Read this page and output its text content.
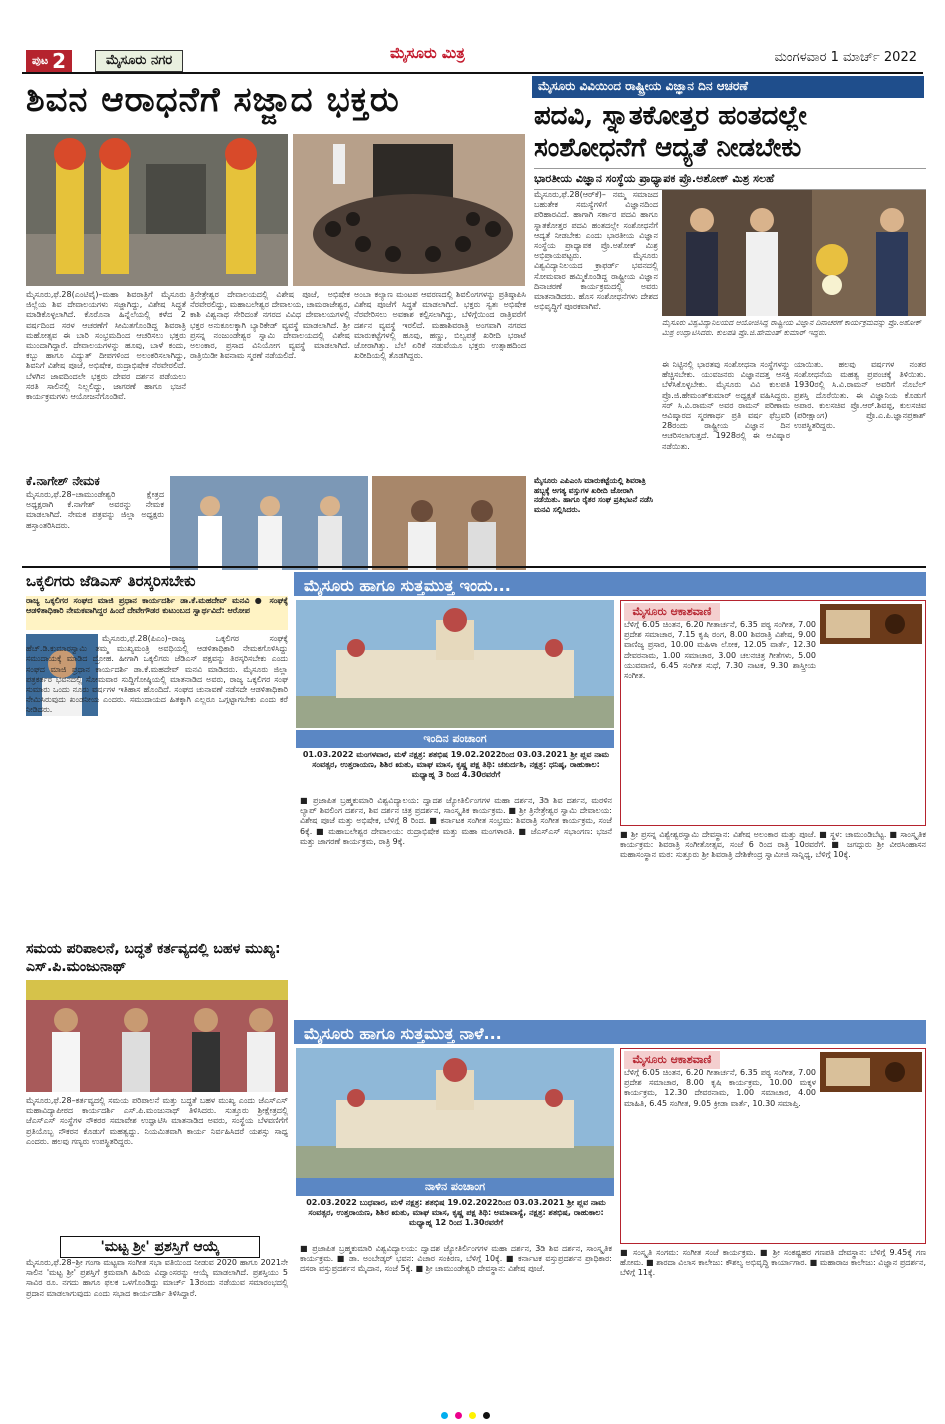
ಪುಟ 2	ಮೈಸೂರು ನಗರ	ಮೈಸೂರು ಮಿತ್ರ	ಮಂಗಳವಾರ 1 ಮಾರ್ಚ್ 2022
ಶಿವನ ಆರಾಧನೆಗೆ ಸಜ್ಜಾದ ಭಕ್ತರು
ಮೈಸೂರು,ಫೆ.28(ಎಂಟಿವೈ)–ಮಹಾ ಶಿವರಾತ್ರಿಗೆ ಮೈಸೂರು ಜಿಲ್ಲೆಯ ಶಿವ ದೇವಾಲಯಗಳು ಸಜ್ಜಾಗಿದ್ದು, ವಿಶೇಷ ಸಿದ್ಧತೆ ಮಾಡಿಕೊಳ್ಳಲಾಗಿದೆ. ಕೊರೊನಾ ಹಿನ್ನೆಲೆಯಲ್ಲಿ ಕಳೆದ 2 ವರ್ಷದಿಂದ ಸರಳ ಆಚರಣೆಗೆ ಸೀಮಿತಗೊಂಡಿದ್ದ ಶಿವರಾತ್ರಿ ಮಹೋತ್ಸವ ಈ ಬಾರಿ ಸಂಭ್ರಮದಿಂದ ಆಚರಿಸಲು ಭಕ್ತರು ಮುಂದಾಗಿದ್ದಾರೆ. ದೇವಾಲಯಗಳನ್ನು ಹೂವು, ಬಾಳೆ ಕಂದು, ಕಬ್ಬು ಹಾಗೂ ವಿದ್ಯುತ್ ದೀಪಗಳಿಂದ ಅಲಂಕರಿಸಲಾಗಿದ್ದು, ಶಿವನಿಗೆ ವಿಶೇಷ ಪೂಜೆ, ಅಭಿಷೇಕ, ರುದ್ರಾಭಿಷೇಕ ನೆರವೇರಲಿದೆ. ಬೆಳಗಿನ ಜಾವದಿಂದಲೇ ಭಕ್ತರು ದೇವರ ದರ್ಶನ ಪಡೆಯಲು ಸರತಿ ಸಾಲಿನಲ್ಲಿ ನಿಲ್ಲಲಿದ್ದು, ಜಾಗರಣೆ ಹಾಗೂ ಭಜನೆ ಕಾರ್ಯಕ್ರಮಗಳು ಆಯೋಜನೆಗೊಂಡಿವೆ.
ತ್ರಿನೇತ್ರೇಶ್ವರ ದೇವಾಲಯದಲ್ಲಿ ವಿಶೇಷ ಪೂಜೆ, ಅಭಿಷೇಕ ನೆರವೇರಲಿದ್ದು, ಮಹಾಬಲೇಶ್ವರ ದೇವಾಲಯ, ಚಾಮರಾಜೇಶ್ವರ, ಕಾಶಿ ವಿಶ್ವನಾಥ ಸೇರಿದಂತೆ ನಗರದ ವಿವಿಧ ದೇವಾಲಯಗಳಲ್ಲಿ ಭಕ್ತರ ಅನುಕೂಲಕ್ಕಾಗಿ ಬ್ಯಾರಿಕೇಡ್ ವ್ಯವಸ್ಥೆ ಮಾಡಲಾಗಿದೆ. ಶ್ರೀ ಪ್ರಸನ್ನ ನಂಜುಂಡೇಶ್ವರ ಸ್ವಾಮಿ ದೇವಾಲಯದಲ್ಲಿ ವಿಶೇಷ ಅಲಂಕಾರ, ಪ್ರಸಾದ ವಿನಿಯೋಗ ವ್ಯವಸ್ಥೆ ಮಾಡಲಾಗಿದೆ. ರಾತ್ರಿಯಿಡೀ ಶಿವನಾಮ ಸ್ಮರಣೆ ನಡೆಯಲಿದೆ.
ಅಂಬಾ ಕಲ್ಯಾಣ ಮಂಟಪ ಆವರಣದಲ್ಲಿ ಶಿವಲಿಂಗಗಳನ್ನು ಪ್ರತಿಷ್ಠಾಪಿಸಿ ವಿಶೇಷ ಪೂಜೆಗೆ ಸಿದ್ಧತೆ ಮಾಡಲಾಗಿದೆ. ಭಕ್ತರು ಸ್ವತಃ ಅಭಿಷೇಕ ನೆರವೇರಿಸಲು ಅವಕಾಶ ಕಲ್ಪಿಸಲಾಗಿದ್ದು, ಬೆಳಿಗ್ಗೆಯಿಂದ ರಾತ್ರಿವರೆಗೆ ದರ್ಶನ ವ್ಯವಸ್ಥೆ ಇರಲಿದೆ. ಮಹಾಶಿವರಾತ್ರಿ ಅಂಗವಾಗಿ ನಗರದ ಮಾರುಕಟ್ಟೆಗಳಲ್ಲಿ ಹೂವು, ಹಣ್ಣು, ಬಿಲ್ವಪತ್ರೆ ಖರೀದಿ ಭರಾಟೆ ಜೋರಾಗಿತ್ತು. ಬೆಲೆ ಏರಿಕೆ ನಡುವೆಯೂ ಭಕ್ತರು ಉತ್ಸಾಹದಿಂದ ಖರೀದಿಯಲ್ಲಿ ತೊಡಗಿದ್ದರು.
ಕೆ.ನಾಗೇಶ್ ನೇಮಕ
ಮೈಸೂರು,ಫೆ.28–ಚಾಮುಂಡೇಶ್ವರಿ ಕ್ಷೇತ್ರದ ಅಧ್ಯಕ್ಷರಾಗಿ ಕೆ.ನಾಗೇಶ್ ಅವರನ್ನು ನೇಮಕ ಮಾಡಲಾಗಿದೆ. ನೇಮಕ ಪತ್ರವನ್ನು ಜಿಲ್ಲಾ ಅಧ್ಯಕ್ಷರು ಹಸ್ತಾಂತರಿಸಿದರು.
ಮೈಸೂರು ವಿವಿಯಿಂದ ರಾಷ್ಟ್ರೀಯ ವಿಜ್ಞಾನ ದಿನ ಆಚರಣೆ
ಪದವಿ, ಸ್ನಾತಕೋತ್ತರ ಹಂತದಲ್ಲೇ ಸಂಶೋಧನೆಗೆ ಆದ್ಯತೆ ನೀಡಬೇಕು
ಭಾರತೀಯ ವಿಜ್ಞಾನ ಸಂಸ್ಥೆಯ ಪ್ರಾಧ್ಯಾಪಕ ಪ್ರೊ.ಅಶೋಕ್ ಮಿಶ್ರ ಸಲಹೆ
ಮೈಸೂರು,ಫೆ.28(ಆರ್‌ಕೆ)– ನಮ್ಮ ಸಮಾಜದ ಬಹುತೇಕ ಸಮಸ್ಯೆಗಳಿಗೆ ವಿಜ್ಞಾನದಿಂದ ಪರಿಹಾರವಿದೆ. ಹಾಗಾಗಿ ಸರ್ಕಾರ ಪದವಿ ಹಾಗೂ ಸ್ನಾತಕೋತ್ತರ ಪದವಿ ಹಂತದಲ್ಲೇ ಸಂಶೋಧನೆಗೆ ಆದ್ಯತೆ ನೀಡಬೇಕು ಎಂದು ಭಾರತೀಯ ವಿಜ್ಞಾನ ಸಂಸ್ಥೆಯ ಪ್ರಾಧ್ಯಾಪಕ ಪ್ರೊ.ಅಶೋಕ್ ಮಿಶ್ರ ಅಭಿಪ್ರಾಯಪಟ್ಟರು. ಮೈಸೂರು ವಿಶ್ವವಿದ್ಯಾನಿಲಯದ ಕ್ರಾಫರ್ಡ್ ಭವನದಲ್ಲಿ ಸೋಮವಾರ ಹಮ್ಮಿಕೊಂಡಿದ್ದ ರಾಷ್ಟ್ರೀಯ ವಿಜ್ಞಾನ ದಿನಾಚರಣೆ ಕಾರ್ಯಕ್ರಮದಲ್ಲಿ ಅವರು ಮಾತನಾಡಿದರು. ಹೊಸ ಸಂಶೋಧನೆಗಳು ದೇಶದ ಅಭಿವೃದ್ಧಿಗೆ ಪೂರಕವಾಗಿವೆ.
ಮೈಸೂರು ವಿಶ್ವವಿದ್ಯಾನಿಲಯದ ಆಯೋಜಿಸಿದ್ದ ರಾಷ್ಟ್ರೀಯ ವಿಜ್ಞಾನ ದಿನಾಚರಣೆ ಕಾರ್ಯಕ್ರಮವನ್ನು ಪ್ರೊ.ಅಶೋಕ್ ಮಿಶ್ರ ಉದ್ಘಾಟಿಸಿದರು. ಕುಲಪತಿ ಪ್ರೊ.ಜಿ.ಹೇಮಂತ್ ಕುಮಾರ್ ಇದ್ದರು.
ಈ ನಿಟ್ಟಿನಲ್ಲಿ ಭಾರತವು ಸಂಶೋಧನಾ ಸಂಸ್ಥೆಗಳನ್ನು ಹೆಚ್ಚಿಸಬೇಕು. ಯುವಜನರು ವಿಜ್ಞಾನದತ್ತ ಆಸಕ್ತಿ ಬೆಳೆಸಿಕೊಳ್ಳಬೇಕು. ಮೈಸೂರು ವಿವಿ ಕುಲಪತಿ ಪ್ರೊ.ಜಿ.ಹೇಮಂತ್‌ಕುಮಾರ್ ಅಧ್ಯಕ್ಷತೆ ವಹಿಸಿದ್ದರು. ಸರ್ ಸಿ.ವಿ.ರಾಮನ್ ಅವರ ರಾಮನ್ ಪರಿಣಾಮ ಆವಿಷ್ಕಾರದ ಸ್ಮರಣಾರ್ಥ ಪ್ರತಿ ವರ್ಷ ಫೆಬ್ರವರಿ 28ರಂದು ರಾಷ್ಟ್ರೀಯ ವಿಜ್ಞಾನ ದಿನ ಆಚರಿಸಲಾಗುತ್ತದೆ. 1928ರಲ್ಲಿ ಈ ಆವಿಷ್ಕಾರ ನಡೆಯಿತು.
ಯಾಯಿತು. ಹಲವು ವರ್ಷಗಳ ನಂತರ ಸಂಶೋಧನೆಯ ಮಹತ್ವ ಪ್ರಪಂಚಕ್ಕೆ ತಿಳಿಯಿತು. 1930ರಲ್ಲಿ ಸಿ.ವಿ.ರಾಮನ್ ಅವರಿಗೆ ನೊಬೆಲ್ ಪ್ರಶಸ್ತಿ ದೊರೆಯಿತು. ಈ ವಿಜ್ಞಾನಿಯ ಕೊಡುಗೆ ಅಪಾರ. ಕುಲಸಚಿವ ಪ್ರೊ.ಆರ್.ಶಿವಪ್ಪ, ಕುಲಸಚಿವ (ಪರೀಕ್ಷಾಂಗ) ಪ್ರೊ.ಎ.ಪಿ.ಜ್ಞಾನಪ್ರಕಾಶ್ ಉಪಸ್ಥಿತರಿದ್ದರು.
ಮೈಸೂರು ಎಪಿಎಂಸಿ ಮಾರುಕಟ್ಟೆಯಲ್ಲಿ ಶಿವರಾತ್ರಿ ಹಬ್ಬಕ್ಕೆ ಅಗತ್ಯ ವಸ್ತುಗಳ ಖರೀದಿ ಜೋರಾಗಿ ನಡೆಯಿತು. ಹಾಗೂ ರೈತರ ಸಂಘ ಪ್ರತಿಭಟನೆ ನಡೆಸಿ ಮನವಿ ಸಲ್ಲಿಸಿದರು.
ಒಕ್ಕಲಿಗರು ಜೆಡಿಎಸ್ ತಿರಸ್ಕರಿಸಬೇಕು
ರಾಜ್ಯ ಒಕ್ಕಲಿಗರ ಸಂಘದ ಮಾಜಿ ಪ್ರಧಾನ ಕಾರ್ಯದರ್ಶಿ ಡಾ.ಕೆ.ಮಹದೇವ್ ಮನವಿ ● ಸಂಘಕ್ಕೆ ಆಡಳಿತಾಧಿಕಾರಿ ನೇಮಕವಾಗಿದ್ದರ ಹಿಂದೆ ದೇವೇಗೌಡರ ಕುಟುಂಬದ ಸ್ವಾರ್ಥವಿದೆ: ಆರೋಪ
ಮೈಸೂರು,ಫೆ.28(ಪಿಎಂ)–ರಾಜ್ಯ ಒಕ್ಕಲಿಗರ ಸಂಘಕ್ಕೆ ಹೆಚ್.ಡಿ.ಕುಮಾರಸ್ವಾಮಿ ತಮ್ಮ ಮುಖ್ಯಮಂತ್ರಿ ಅವಧಿಯಲ್ಲಿ ಆಡಳಿತಾಧಿಕಾರಿ ನೇಮಕಗೊಳಿಸಿದ್ದು ಸಮುದಾಯಕ್ಕೆ ಮಾಡಿದ ದ್ರೋಹ. ಹೀಗಾಗಿ ಒಕ್ಕಲಿಗರು ಜೆಡಿಎಸ್ ಪಕ್ಷವನ್ನು ತಿರಸ್ಕರಿಸಬೇಕು ಎಂದು ಸಂಘದ ಮಾಜಿ ಪ್ರಧಾನ ಕಾರ್ಯದರ್ಶಿ ಡಾ.ಕೆ.ಮಹದೇವ್ ಮನವಿ ಮಾಡಿದರು. ಮೈಸೂರು ಜಿಲ್ಲಾ ಪತ್ರಕರ್ತರ ಭವನದಲ್ಲಿ ಸೋಮವಾರ ಸುದ್ದಿಗೋಷ್ಠಿಯಲ್ಲಿ ಮಾತನಾಡಿದ ಅವರು, ರಾಜ್ಯ ಒಕ್ಕಲಿಗರ ಸಂಘ ಸುಮಾರು ಒಂದು ನೂರು ವರ್ಷಗಳ ಇತಿಹಾಸ ಹೊಂದಿದೆ. ಸಂಘದ ಚುನಾವಣೆ ನಡೆಸದೇ ಆಡಳಿತಾಧಿಕಾರಿ ನೇಮಿಸಿರುವುದು ಖಂಡನೀಯ ಎಂದರು. ಸಮುದಾಯದ ಹಿತಕ್ಕಾಗಿ ಎಲ್ಲರೂ ಒಗ್ಗಟ್ಟಾಗಬೇಕು ಎಂದು ಕರೆ ನೀಡಿದರು.
ಸಮಯ ಪರಿಪಾಲನೆ, ಬದ್ಧತೆ ಕರ್ತವ್ಯದಲ್ಲಿ ಬಹಳ ಮುಖ್ಯ: ಎಸ್.ಪಿ.ಮಂಜುನಾಥ್
ಮೈಸೂರು,ಫೆ.28–ಕರ್ತವ್ಯದಲ್ಲಿ ಸಮಯ ಪರಿಪಾಲನೆ ಮತ್ತು ಬದ್ಧತೆ ಬಹಳ ಮುಖ್ಯ ಎಂದು ಜೆಎಸ್‌ಎಸ್ ಮಹಾವಿದ್ಯಾಪೀಠದ ಕಾರ್ಯದರ್ಶಿ ಎಸ್.ಪಿ.ಮಂಜುನಾಥ್ ತಿಳಿಸಿದರು. ಸುತ್ತೂರು ಶ್ರೀಕ್ಷೇತ್ರದಲ್ಲಿ ಜೆಎಸ್‌ಎಸ್ ಸಂಸ್ಥೆಗಳ ನೌಕರರ ಸಮಾವೇಶ ಉದ್ಘಾಟಿಸಿ ಮಾತನಾಡಿದ ಅವರು, ಸಂಸ್ಥೆಯ ಬೆಳವಣಿಗೆಗೆ ಪ್ರತಿಯೊಬ್ಬ ನೌಕರನ ಕೊಡುಗೆ ಮಹತ್ವದ್ದು. ನಿಯಮಿತವಾಗಿ ಕಾರ್ಯ ನಿರ್ವಹಿಸಿದರೆ ಯಶಸ್ಸು ಸಾಧ್ಯ ಎಂದರು. ಹಲವು ಗಣ್ಯರು ಉಪಸ್ಥಿತರಿದ್ದರು.
'ಮಟ್ಟ ಶ್ರೀ' ಪ್ರಶಸ್ತಿಗೆ ಆಯ್ಕೆ
ಮೈಸೂರು,ಫೆ.28–ಶ್ರೀ ಗಂಗಾ ಮಟ್ಟವಾ ಸಂಗೀತ ಸಭಾ ವತಿಯಿಂದ ನೀಡುವ 2020 ಹಾಗೂ 2021ನೇ ಸಾಲಿನ 'ಮಟ್ಟ ಶ್ರೀ' ಪ್ರಶಸ್ತಿಗೆ ಕ್ರಮವಾಗಿ ಹಿರಿಯ ವಿದ್ವಾಂಸರನ್ನು ಆಯ್ಕೆ ಮಾಡಲಾಗಿದೆ. ಪ್ರಶಸ್ತಿಯು 5 ಸಾವಿರ ರೂ. ನಗದು ಹಾಗೂ ಫಲಕ ಒಳಗೊಂಡಿದ್ದು ಮಾರ್ಚ್ 13ರಂದು ನಡೆಯುವ ಸಮಾರಂಭದಲ್ಲಿ ಪ್ರದಾನ ಮಾಡಲಾಗುವುದು ಎಂದು ಸಭಾದ ಕಾರ್ಯದರ್ಶಿ ತಿಳಿಸಿದ್ದಾರೆ.
ಮೈಸೂರು ಹಾಗೂ ಸುತ್ತಮುತ್ತ ಇಂದು...
ಇಂದಿನ ಪಂಚಾಂಗ
01.03.2022 ಮಂಗಳವಾರ, ಮಳೆ ನಕ್ಷತ್ರ: ಶತಭಿಷ 19.02.2022ರಿಂದ 03.03.2021 ಶ್ರೀ ಪ್ಲವ ನಾಮ ಸಂವತ್ಸರ, ಉತ್ತರಾಯಣ, ಶಿಶಿರ ಋತು, ಮಾಘ ಮಾಸ, ಕೃಷ್ಣ ಪಕ್ಷ ತಿಥಿ: ಚತುರ್ದಶಿ, ನಕ್ಷತ್ರ: ಧನಿಷ್ಠ, ರಾಹುಕಾಲ: ಮಧ್ಯಾಹ್ನ 3 ರಿಂದ 4.30ರವರೆಗೆ
■ ಪ್ರಜಾಪಿತ ಬ್ರಹ್ಮಕುಮಾರಿ ವಿಶ್ವವಿದ್ಯಾಲಯ: ದ್ವಾದಶ ಜ್ಯೋತಿರ್ಲಿಂಗಗಳ ಮಹಾ ದರ್ಶನ, 3ಡಿ ಶಿವ ದರ್ಶನ, ಮರಳಿನ ಲ್ಯಾಪ್ ಶಿವಲಿಂಗ ದರ್ಶನ, ಶಿವ ದರ್ಶನ ಚಿತ್ರ ಪ್ರದರ್ಶನ, ಸಾಂಸ್ಕೃತಿಕ ಕಾರ್ಯಕ್ರಮ. ■ ಶ್ರೀ ತ್ರಿನೇತ್ರೇಶ್ವರ ಸ್ವಾಮಿ ದೇವಾಲಯ: ವಿಶೇಷ ಪೂಜೆ ಮತ್ತು ಅಭಿಷೇಕ, ಬೆಳಿಗ್ಗೆ 8 ರಿಂದ. ■ ಕರ್ನಾಟಕ ಸಂಗೀತ ಸಂಭ್ರಮ: ಶಿವರಾತ್ರಿ ಸಂಗೀತ ಕಾರ್ಯಕ್ರಮ, ಸಂಜೆ 6ಕ್ಕೆ. ■ ಮಹಾಬಲೇಶ್ವರ ದೇವಾಲಯ: ರುದ್ರಾಭಿಷೇಕ ಮತ್ತು ಮಹಾ ಮಂಗಳಾರತಿ. ■ ಜೆಎಸ್‌ಎಸ್ ಸಭಾಂಗಣ: ಭಜನೆ ಮತ್ತು ಜಾಗರಣೆ ಕಾರ್ಯಕ್ರಮ, ರಾತ್ರಿ 9ಕ್ಕೆ.
ಮೈಸೂರು ಆಕಾಶವಾಣಿ
ಬೆಳಿಗ್ಗೆ 6.05 ಚಿಂತನ, 6.20 ಗೀತಾರ್ಚನೆ, 6.35 ಪಠ್ಯ ಸಂಗೀತ, 7.00 ಪ್ರದೇಶ ಸಮಾಚಾರ, 7.15 ಕೃಷಿ ರಂಗ, 8.00 ಶಿವರಾತ್ರಿ ವಿಶೇಷ, 9.00 ವಾಣಿಜ್ಯ ಪ್ರಸಾರ, 10.00 ಮಹಿಳಾ ಲೋಕ, 12.05 ವಾರ್ತೆ, 12.30 ದೇವರನಾಮ, 1.00 ಸಮಾಚಾರ, 3.00 ಚಲನಚಿತ್ರ ಗೀತೆಗಳು, 5.00 ಯುವವಾಣಿ, 6.45 ಸಂಗೀತ ಸುಧೆ, 7.30 ನಾಟಕ, 9.30 ಶಾಸ್ತ್ರೀಯ ಸಂಗೀತ.
■ ಶ್ರೀ ಪ್ರಸನ್ನ ವಿಶ್ವೇಶ್ವರಸ್ವಾಮಿ ದೇವಸ್ಥಾನ: ವಿಶೇಷ ಅಲಂಕಾರ ಮತ್ತು ಪೂಜೆ. ■ ಸ್ಥಳ: ಚಾಮುಂಡಿಬೆಟ್ಟ. ■ ಸಾಂಸ್ಕೃತಿಕ ಕಾರ್ಯಕ್ರಮ: ಶಿವರಾತ್ರಿ ಸಂಗೀತೋತ್ಸವ, ಸಂಜೆ 6 ರಿಂದ ರಾತ್ರಿ 10ರವರೆಗೆ. ■ ಜಗದ್ಗುರು ಶ್ರೀ ವೀರಸಿಂಹಾಸನ ಮಹಾಸಂಸ್ಥಾನ ಮಠ: ಸುತ್ತೂರು ಶ್ರೀ ಶಿವರಾತ್ರಿ ದೇಶಿಕೇಂದ್ರ ಸ್ವಾಮೀಜಿ ಸಾನ್ನಿಧ್ಯ, ಬೆಳಿಗ್ಗೆ 10ಕ್ಕೆ.
ಮೈಸೂರು ಹಾಗೂ ಸುತ್ತಮುತ್ತ ನಾಳೆ...
ನಾಳಿನ ಪಂಚಾಂಗ
02.03.2022 ಬುಧವಾರ, ಮಳೆ ನಕ್ಷತ್ರ: ಶತಭಿಷ 19.02.2022ರಿಂದ 03.03.2021 ಶ್ರೀ ಪ್ಲವ ನಾಮ ಸಂವತ್ಸರ, ಉತ್ತರಾಯಣ, ಶಿಶಿರ ಋತು, ಮಾಘ ಮಾಸ, ಕೃಷ್ಣ ಪಕ್ಷ ತಿಥಿ: ಅಮಾವಾಸ್ಯೆ, ನಕ್ಷತ್ರ: ಶತಭಿಷ, ರಾಹುಕಾಲ: ಮಧ್ಯಾಹ್ನ 12 ರಿಂದ 1.30ರವರೆಗೆ
■ ಪ್ರಜಾಪಿತ ಬ್ರಹ್ಮಕುಮಾರಿ ವಿಶ್ವವಿದ್ಯಾಲಯ: ದ್ವಾದಶ ಜ್ಯೋತಿರ್ಲಿಂಗಗಳ ಮಹಾ ದರ್ಶನ, 3ಡಿ ಶಿವ ದರ್ಶನ, ಸಾಂಸ್ಕೃತಿಕ ಕಾರ್ಯಕ್ರಮ. ■ ಡಾ. ಅಂಬೇಡ್ಕರ್ ಭವನ: ವಿಚಾರ ಸಂಕಿರಣ, ಬೆಳಿಗ್ಗೆ 10ಕ್ಕೆ. ■ ಕರ್ನಾಟಕ ವಸ್ತುಪ್ರದರ್ಶನ ಪ್ರಾಧಿಕಾರ: ದಸರಾ ವಸ್ತುಪ್ರದರ್ಶನ ಮೈದಾನ, ಸಂಜೆ 5ಕ್ಕೆ. ■ ಶ್ರೀ ಚಾಮುಂಡೇಶ್ವರಿ ದೇವಸ್ಥಾನ: ವಿಶೇಷ ಪೂಜೆ.
ಮೈಸೂರು ಆಕಾಶವಾಣಿ
ಬೆಳಿಗ್ಗೆ 6.05 ಚಿಂತನ, 6.20 ಗೀತಾರ್ಚನೆ, 6.35 ಪಠ್ಯ ಸಂಗೀತ, 7.00 ಪ್ರದೇಶ ಸಮಾಚಾರ, 8.00 ಕೃಷಿ ಕಾರ್ಯಕ್ರಮ, 10.00 ಮಕ್ಕಳ ಕಾರ್ಯಕ್ರಮ, 12.30 ದೇವರನಾಮ, 1.00 ಸಮಾಚಾರ, 4.00 ಮಾಹಿತಿ, 6.45 ಸಂಗೀತ, 9.05 ಕ್ರೀಡಾ ವಾರ್ತೆ, 10.30 ಸಮಾಪ್ತಿ.
■ ಸಂಸ್ಕೃತಿ ಸಂಗಮ: ಸಂಗೀತ ಸಂಜೆ ಕಾರ್ಯಕ್ರಮ. ■ ಶ್ರೀ ಸಂಕಷ್ಟಹರ ಗಣಪತಿ ದೇವಸ್ಥಾನ: ಬೆಳಿಗ್ಗೆ 9.45ಕ್ಕೆ ಗಣ ಹೋಮ. ■ ಶಾರದಾ ವಿಲಾಸ ಕಾಲೇಜು: ಕೌಶಲ್ಯ ಅಭಿವೃದ್ಧಿ ಕಾರ್ಯಾಗಾರ. ■ ಮಹಾರಾಜ ಕಾಲೇಜು: ವಿಜ್ಞಾನ ಪ್ರದರ್ಶನ, ಬೆಳಿಗ್ಗೆ 11ಕ್ಕೆ.
